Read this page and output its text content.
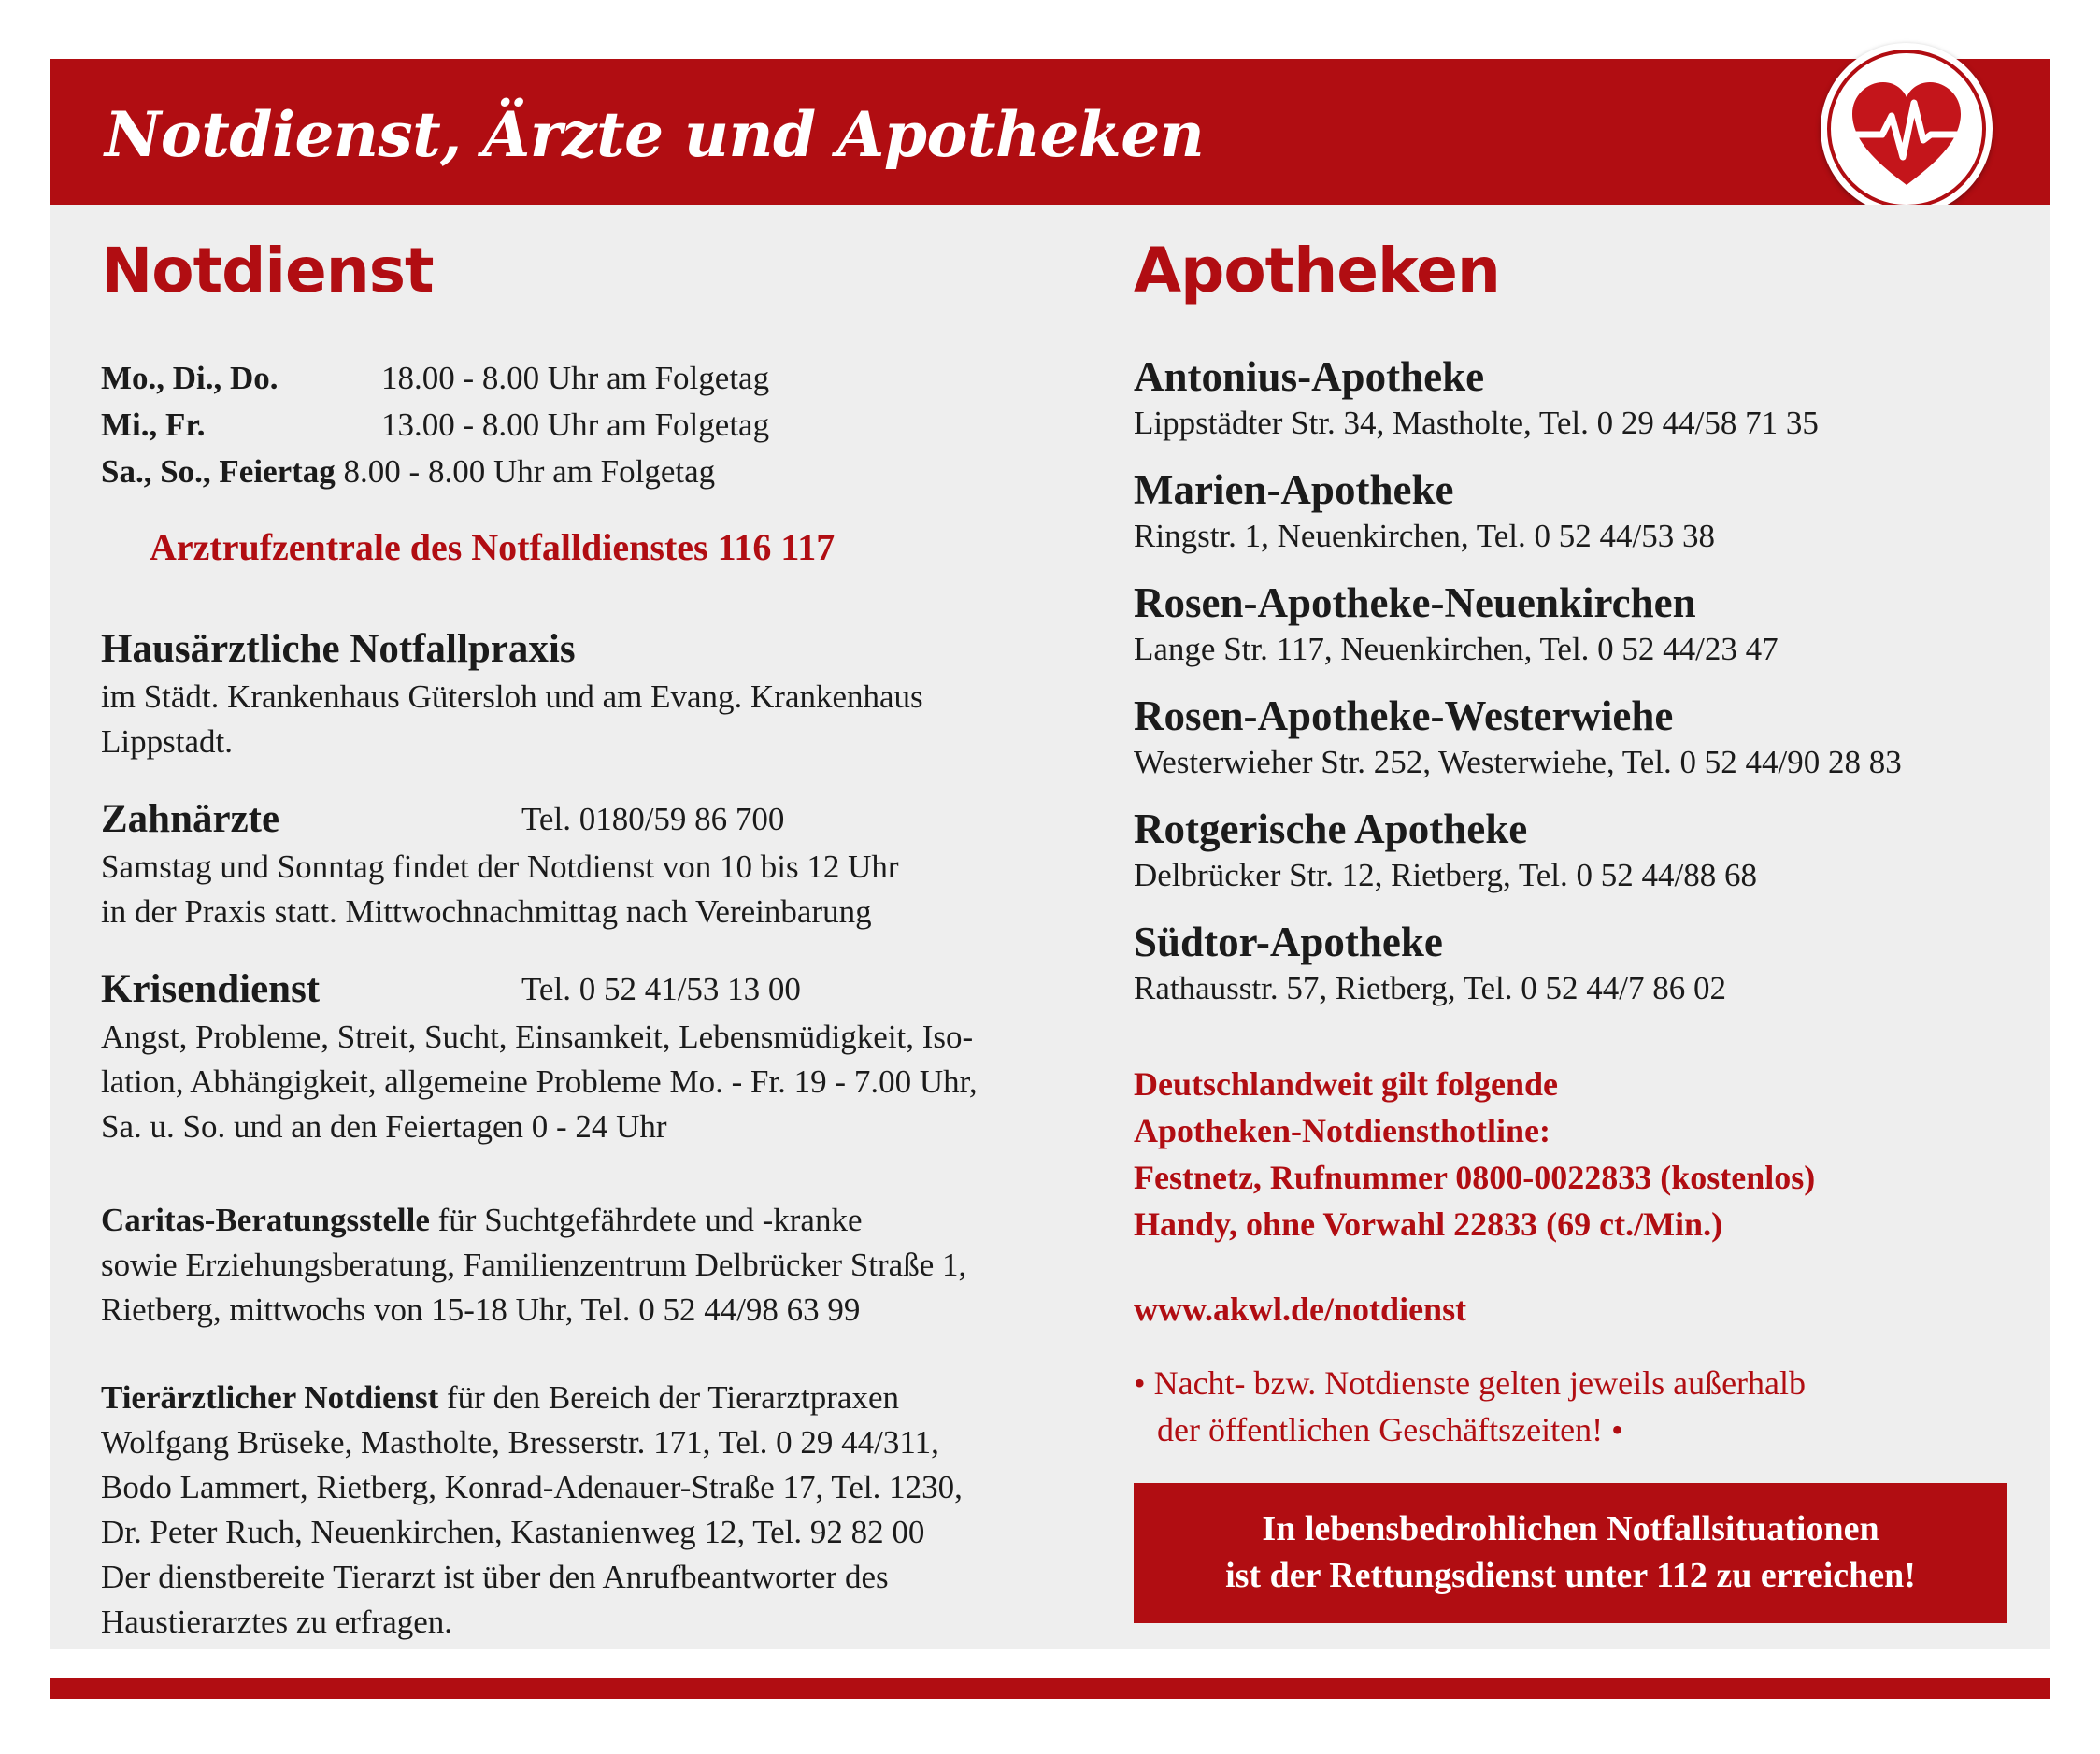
Notdienst, Ärzte und Apotheken
Notdienst
Mo., Di., Do.	18.00 - 8.00 Uhr am Folgetag
Mi., Fr.	13.00 - 8.00 Uhr am Folgetag
Sa., So., Feiertag 8.00 - 8.00 Uhr am Folgetag
Arztrufzentrale des Notfalldienstes 116 117
Hausärztliche Notfallpraxis

im Städt. Krankenhaus Gütersloh und am Evang. Krankenhaus

Lippstadt.

Zahnärzte	Tel. 0180/59 86 700

Samstag und Sonntag findet der Notdienst von 10 bis 12 Uhr

in der Praxis statt. Mittwochnachmittag nach Vereinbarung

Krisendienst	Tel. 0 52 41/53 13 00

Angst, Probleme, Streit, Sucht, Einsamkeit, Lebensmüdigkeit, Iso-

lation, Abhängigkeit, allgemeine Probleme Mo. - Fr. 19 - 7.00 Uhr,

Sa. u. So. und an den Feiertagen 0 - 24 Uhr

Caritas-Beratungsstelle für Suchtgefährdete und -kranke

sowie Erziehungsberatung, Familienzentrum Delbrücker Straße 1,

Rietberg, mittwochs von 15-18 Uhr, Tel. 0 52 44/98 63 99

Tierärztlicher Notdienst für den Bereich der Tierarztpraxen

Wolfgang Brüseke, Mastholte, Bresserstr. 171, Tel. 0 29 44/311,

Bodo Lammert, Rietberg, Konrad-Adenauer-Straße 17, Tel. 1230,

Dr. Peter Ruch, Neuenkirchen, Kastanienweg 12, Tel. 92 82 00

Der dienstbereite Tierarzt ist über den Anrufbeantworter des

Haustierarztes zu erfragen.

Apotheken
Antonius-Apotheke
Lippstädter Str. 34, Mastholte, Tel. 0 29 44/58 71 35
Marien-Apotheke
Ringstr. 1, Neuenkirchen, Tel. 0 52 44/53 38
Rosen-Apotheke-Neuenkirchen
Lange Str. 117, Neuenkirchen, Tel. 0 52 44/23 47
Rosen-Apotheke-Westerwiehe
Westerwieher Str. 252, Westerwiehe, Tel. 0 52 44/90 28 83
Rotgerische Apotheke
Delbrücker Str. 12, Rietberg, Tel. 0 52 44/88 68
Südtor-Apotheke
Rathausstr. 57, Rietberg, Tel. 0 52 44/7 86 02
Deutschlandweit gilt folgende
Apotheken-Notdiensthotline:
Festnetz, Rufnummer 0800-0022833 (kostenlos)
Handy, ohne Vorwahl 22833 (69 ct./Min.)
www.akwl.de/notdienst
• Nacht- bzw. Notdienste gelten jeweils außerhalb
der öffentlichen Geschäftszeiten! •
In lebensbedrohlichen Notfallsituationen
ist der Rettungsdienst unter 112 zu erreichen!
